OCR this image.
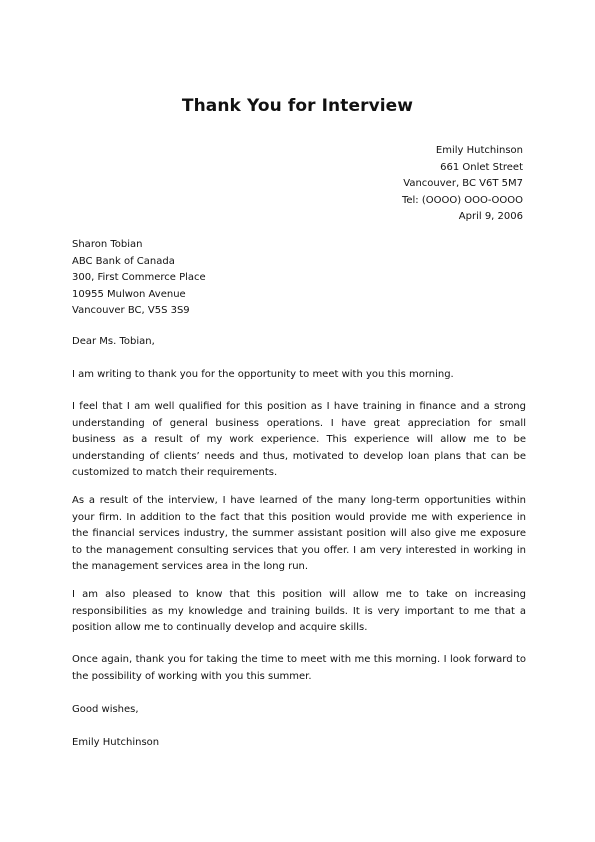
Thank You for Interview
Emily Hutchinson
661 Onlet Street
Vancouver, BC V6T 5M7
Tel: (ОООО) ООО-ОООО
April 9, 2006
Sharon Tobian
ABC Bank of Canada
300, First Commerce Place
10955 Mulwon Avenue
Vancouver BC, V5S 3S9

Dear Ms. Tobian,

I am writing to thank you for the opportunity to meet with you this morning.

I feel that I am well qualified for this position as I have training in finance and a strong understanding of general business operations. I have great appreciation for small business as a result of my work experience. This experience will allow me to be understanding of clients’ needs and thus, motivated to develop loan plans that can be customized to match their requirements.

As a result of the interview, I have learned of the many long-term opportunities within your firm. In addition to the fact that this position would provide me with experience in the financial services industry, the summer assistant position will also give me exposure to the management consulting services that you offer. I am very interested in working in the management services area in the long run.

I am also pleased to know that this position will allow me to take on increasing responsibilities as my knowledge and training builds. It is very important to me that a position allow me to continually develop and acquire skills.

Once again, thank you for taking the time to meet with me this morning. I look forward to the possibility of working with you this summer.

Good wishes,

Emily Hutchinson
